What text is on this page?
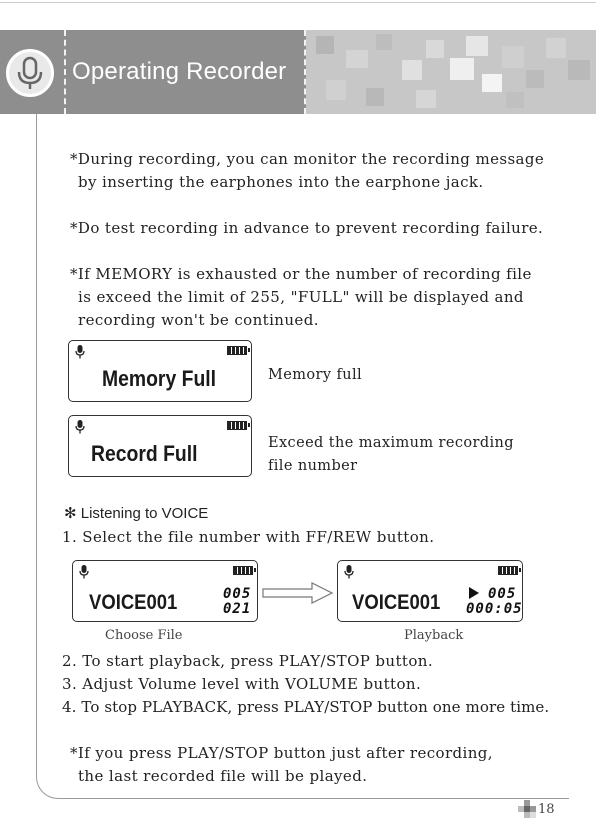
Operating Recorder
*During recording, you can monitor the recording message
by inserting the earphones into the earphone jack.
*Do test recording in advance to prevent recording failure.
*If MEMORY is exhausted or the number of recording file
is exceed the limit of 255, "FULL" will be displayed and
recording won't be continued.
Memory Full	Memory full
Record Full	Exceed the maximum recording
file number
✻ Listening to VOICE
1. Select the file number with FF/REW button.
VOICE001	005
021	VOICE001	005
000:05
Choose File	Playback
2. To start playback, press PLAY/STOP button.
3. Adjust Volume level with VOLUME button.
4. To stop PLAYBACK, press PLAY/STOP button one more time.
*If you press PLAY/STOP button just after recording,
the last recorded file will be played.
18
